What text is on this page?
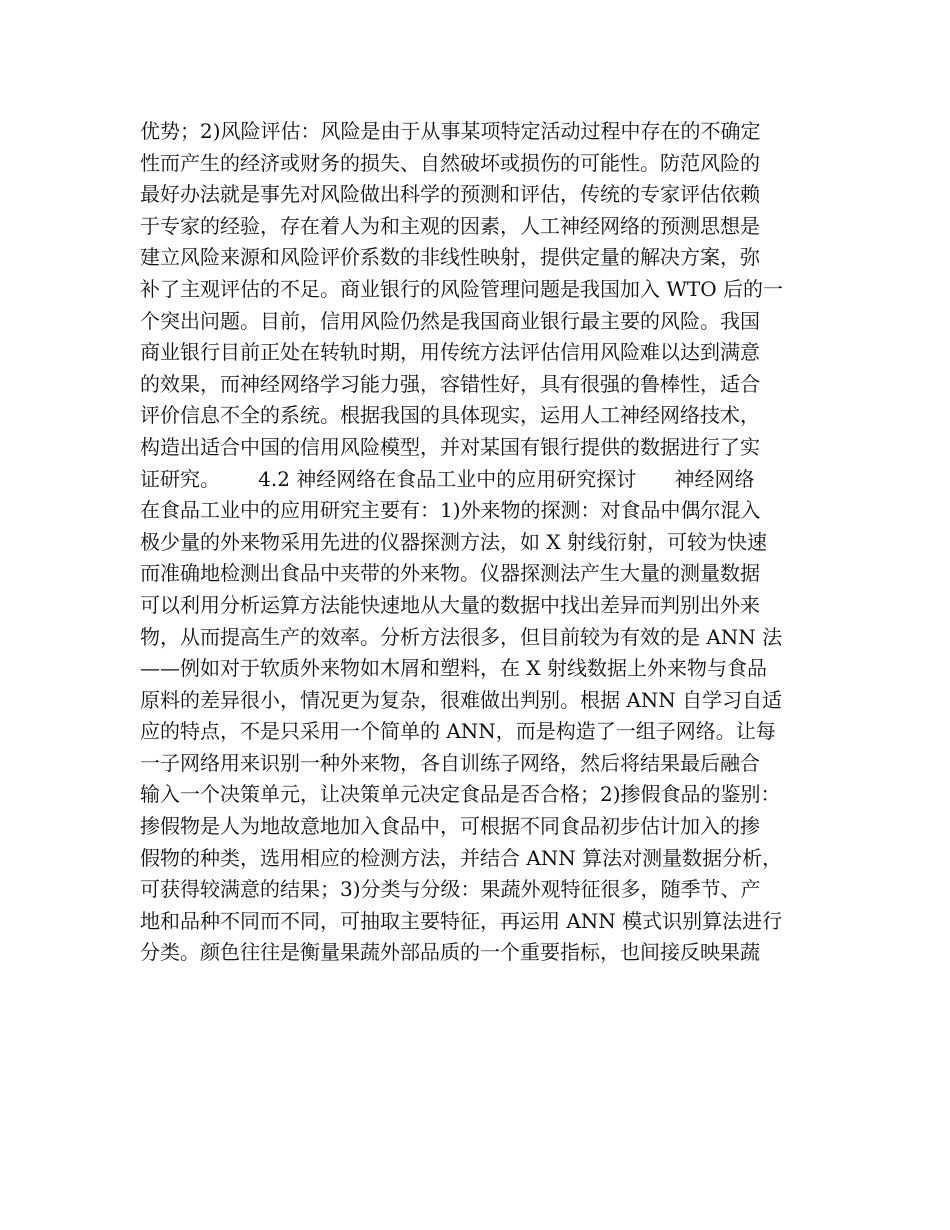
优势；2)风险评估：风险是由于从事某项特定活动过程中存在的不确定
性而产生的经济或财务的损失、自然破坏或损伤的可能性。防范风险的
最好办法就是事先对风险做出科学的预测和评估，传统的专家评估依赖
于专家的经验，存在着人为和主观的因素，人工神经网络的预测思想是
建立风险来源和风险评价系数的非线性映射，提供定量的解决方案，弥
补了主观评估的不足。商业银行的风险管理问题是我国加入 WTO 后的一
个突出问题。目前，信用风险仍然是我国商业银行最主要的风险。我国
商业银行目前正处在转轨时期，用传统方法评估信用风险难以达到满意
的效果，而神经网络学习能力强，容错性好，具有很强的鲁棒性，适合
评价信息不全的系统。根据我国的具体现实，运用人工神经网络技术，
构造出适合中国的信用风险模型，并对某国有银行提供的数据进行了实
证研究。      4.2 神经网络在食品工业中的应用研究探讨      神经网络
在食品工业中的应用研究主要有：1)外来物的探测：对食品中偶尔混入
极少量的外来物采用先进的仪器探测方法，如 X 射线衍射，可较为快速
而准确地检测出食品中夹带的外来物。仪器探测法产生大量的测量数据
可以利用分析运算方法能快速地从大量的数据中找出差异而判别出外来
物，从而提高生产的效率。分析方法很多，但目前较为有效的是 ANN 法
——例如对于软质外来物如木屑和塑料，在 X 射线数据上外来物与食品
原料的差异很小，情况更为复杂，很难做出判别。根据 ANN 自学习自适
应的特点，不是只采用一个简单的 ANN，而是构造了一组子网络。让每
一子网络用来识别一种外来物，各自训练子网络，然后将结果最后融合
输入一个决策单元，让决策单元决定食品是否合格；2)掺假食品的鉴别：
掺假物是人为地故意地加入食品中，可根据不同食品初步估计加入的掺
假物的种类，选用相应的检测方法，并结合 ANN 算法对测量数据分析，
可获得较满意的结果；3)分类与分级：果蔬外观特征很多，随季节、产
地和品种不同而不同，可抽取主要特征，再运用 ANN 模式识别算法进行
分类。颜色往往是衡量果蔬外部品质的一个重要指标，也间接反映果蔬
